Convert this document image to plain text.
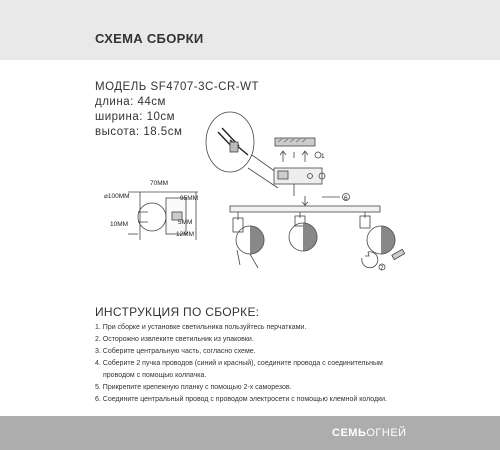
СХЕМА СБОРКИ
МОДЕЛЬ SF4707-3C-CR-WT
длина: 44см
ширина: 10см
высота: 18.5см
⌀100ММ
70ММ
95ММ
10ММ	5ММ
12ММ
1
6
7
ИНСТРУКЦИЯ ПО СБОРКЕ:
1. При сборке и установке светильника пользуйтесь перчатками.
2. Осторожно извлеките светильник из упаковки.
3. Соберите центральную часть, согласно схеме.
4. Соберите 2 пучка проводов (синий и красный), соедините провода с соединительным
проводом с помощью колпачка.
5. Прикрепите крепежную планку с помощью 2-х саморезов.
6. Соедините центральный провод с проводом электросети с помощью клемной колодки.
СЕМЬОГНЕЙ
